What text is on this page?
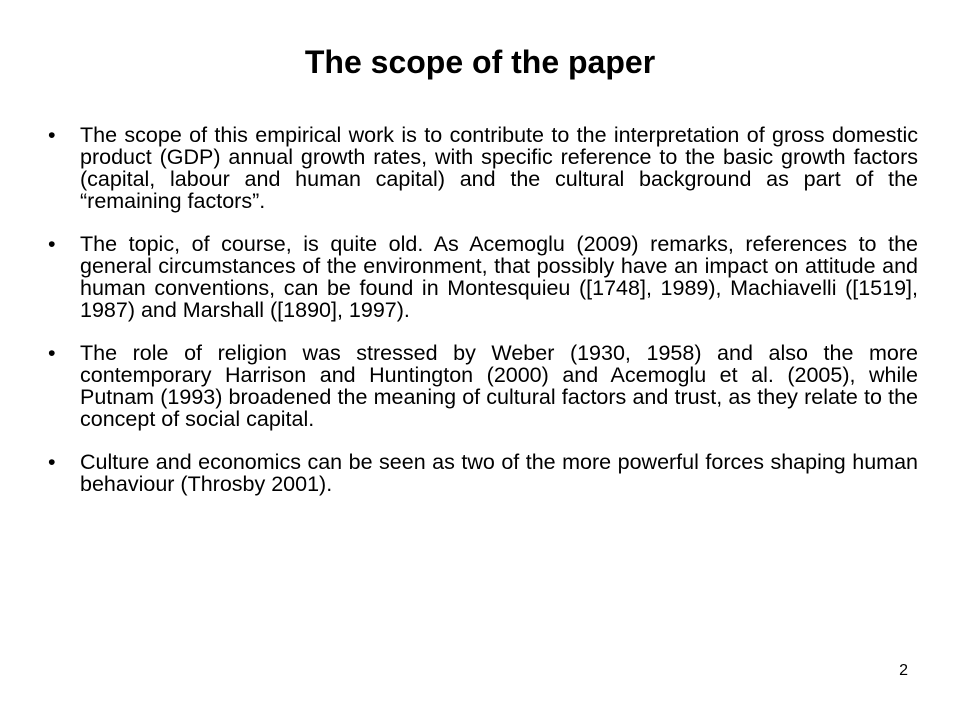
The scope of the paper
•	The scope of this empirical work is to contribute to the interpretation of gross domestic product (GDP) annual growth rates, with specific reference to the basic growth factors (capital, labour and human capital) and the cultural background as part of the “remaining factors”.
•	The topic, of course, is quite old. As Acemoglu (2009) remarks, references to the general circumstances of the environment, that possibly have an impact on attitude and human conventions, can be found in Montesquieu ([1748], 1989), Machiavelli ([1519], 1987) and Marshall ([1890], 1997).
•	The role of religion was stressed by Weber (1930, 1958) and also the more contemporary Harrison and Huntington (2000) and Acemoglu et al. (2005), while Putnam (1993) broadened the meaning of cultural factors and trust, as they relate to the concept of social capital.
•	Culture and economics can be seen as two of the more powerful forces shaping human behaviour (Throsby 2001).
2
